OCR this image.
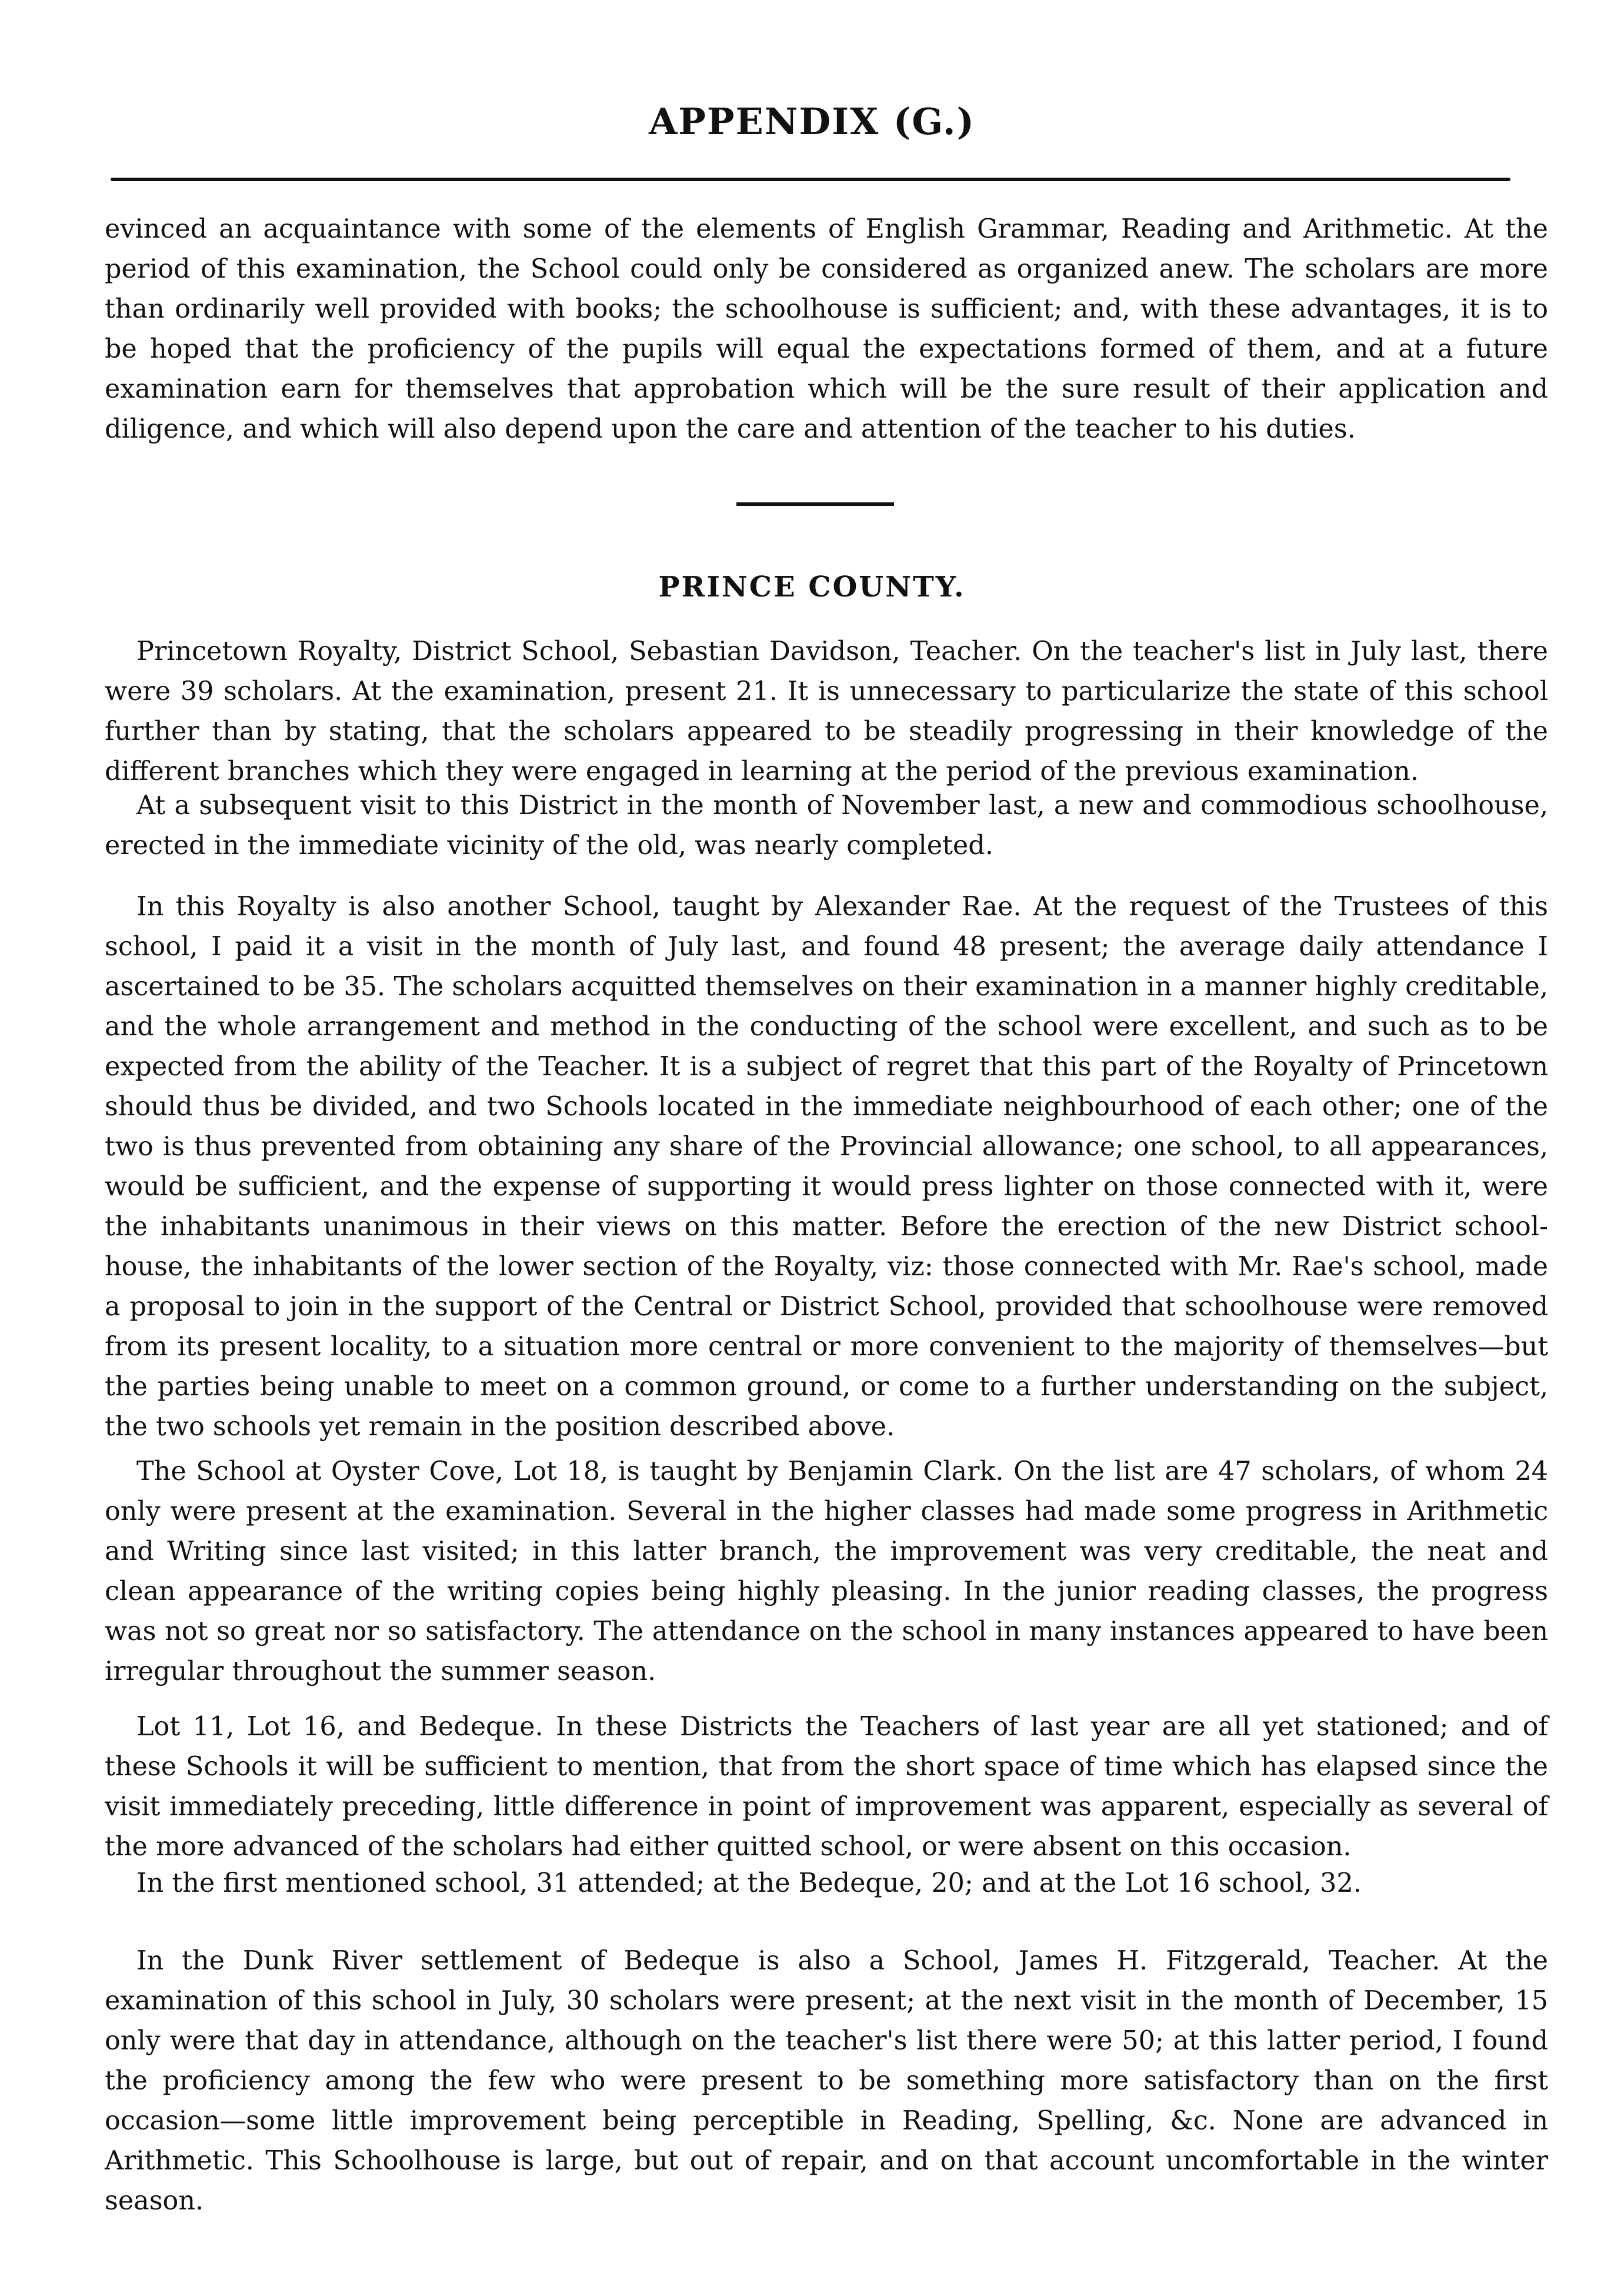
APPENDIX (G.)

evinced an acquaintance with some of the elements of English Grammar, Reading and Arithmetic. At the period of this examination, the School could only be considered as organized anew. The scholars are more than ordinarily well provided with books; the schoolhouse is sufficient; and, with these advantages, it is to be hoped that the proficiency of the pupils will equal the expectations formed of them, and at a future examination earn for themselves that approbation which will be the sure result of their application and diligence, and which will also depend upon the care and attention of the teacher to his duties.

PRINCE COUNTY.

Princetown Royalty, District School, Sebastian Davidson, Teacher. On the teacher's list in July last, there were 39 scholars. At the examination, present 21. It is unnecessary to particularize the state of this school further than by stating, that the scholars appeared to be steadily progressing in their knowledge of the different branches which they were engaged in learning at the period of the previous examination.

At a subsequent visit to this District in the month of November last, a new and commodious schoolhouse, erected in the immediate vicinity of the old, was nearly completed.

In this Royalty is also another School, taught by Alexander Rae. At the request of the Trustees of this school, I paid it a visit in the month of July last, and found 48 present; the average daily attendance I ascertained to be 35. The scholars acquitted themselves on their examination in a manner highly creditable, and the whole arrangement and method in the conducting of the school were excellent, and such as to be expected from the ability of the Teacher. It is a subject of regret that this part of the Royalty of Princetown should thus be divided, and two Schools located in the immediate neighbourhood of each other; one of the two is thus prevented from obtaining any share of the Provincial allowance; one school, to all appearances, would be sufficient, and the expense of supporting it would press lighter on those connected with it, were the inhabitants unanimous in their views on this matter. Before the erection of the new District school-house, the inhabitants of the lower section of the Royalty, viz: those connected with Mr. Rae's school, made a proposal to join in the support of the Central or District School, provided that schoolhouse were removed from its present locality, to a situation more central or more convenient to the majority of themselves—but the parties being unable to meet on a common ground, or come to a further understanding on the subject, the two schools yet remain in the position described above.

The School at Oyster Cove, Lot 18, is taught by Benjamin Clark. On the list are 47 scholars, of whom 24 only were present at the examination. Several in the higher classes had made some progress in Arithmetic and Writing since last visited; in this latter branch, the improvement was very creditable, the neat and clean appearance of the writing copies being highly pleasing. In the junior reading classes, the progress was not so great nor so satisfactory. The attendance on the school in many instances appeared to have been irregular throughout the summer season.

Lot 11, Lot 16, and Bedeque. In these Districts the Teachers of last year are all yet stationed; and of these Schools it will be sufficient to mention, that from the short space of time which has elapsed since the visit immediately preceding, little difference in point of improvement was apparent, especially as several of the more advanced of the scholars had either quitted school, or were absent on this occasion.

In the first mentioned school, 31 attended; at the Bedeque, 20; and at the Lot 16 school, 32.

In the Dunk River settlement of Bedeque is also a School, James H. Fitzgerald, Teacher. At the examination of this school in July, 30 scholars were present; at the next visit in the month of December, 15 only were that day in attendance, although on the teacher's list there were 50; at this latter period, I found the proficiency among the few who were present to be something more satisfactory than on the first occasion—some little improvement being perceptible in Reading, Spelling, &c. None are advanced in Arithmetic. This Schoolhouse is large, but out of repair, and on that account uncomfortable in the winter season.
